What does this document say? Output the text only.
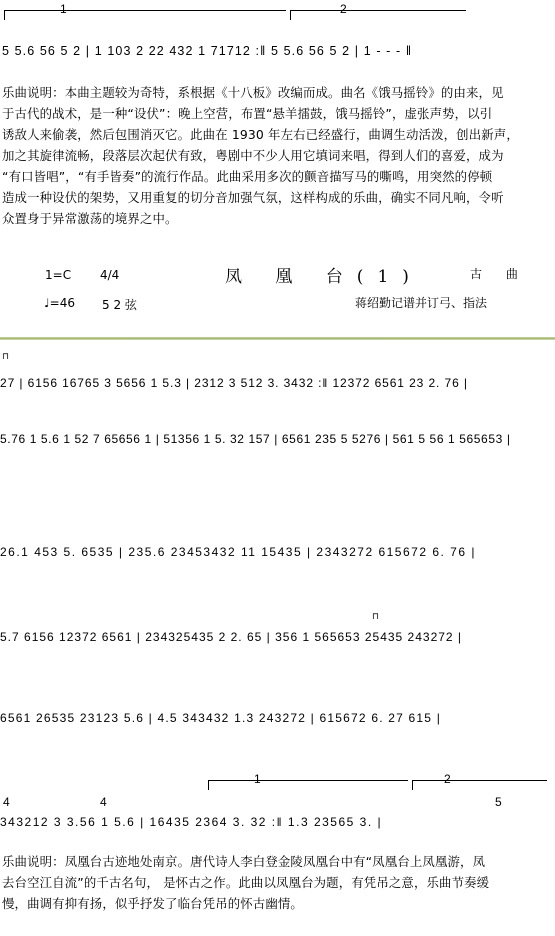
1	2
5 5.6 56 5 2 | 1 103 2 22 432 1 71712 :‖ 5 5.6 56 5 2 | 1 - - - ‖
乐曲说明：本曲主题较为奇特，系根据《十八板》改编而成。曲名《饿马摇铃》的由来，见
于古代的战术，是一种“设伏”：晚上空营，布置“悬羊擂鼓，饿马摇铃”，虚张声势，以引
诱敌人来偷袭，然后包围消灭它。此曲在 1930 年左右已经盛行，曲调生动活泼，创出新声，
加之其旋律流畅，段落层次起伏有致，粤剧中不少人用它填词来唱，得到人们的喜爱，成为
“有口皆唱”，“有手皆奏”的流行作品。此曲采用多次的颤音描写马的嘶鸣，用突然的停顿
造成一种设伏的架势，又用重复的切分音加强气氛，这样构成的乐曲，确实不同凡响，令听
众置身于异常激荡的境界之中。
凤 凰 台(1)	古 曲
1=C 4/4
♩=46 5 2 弦	蒋绍勤记谱并订弓、指法
27 | 6156 16765 3 5656 1 5.3 | 2312 3 512 3. 3432 :‖ 12372 6561 23 2. 76 |
5.76 1 5.6 1 52 7 65656 1 | 51356 1 5. 32 157 | 6561 235 5 5276 | 561 5 56 1 565653 |
26.1 453 5. 6535 | 235.6 23453432 11 15435 | 2343272 615672 6. 76 |
5.7 6156 12372 6561 | 234325435 2 2. 65 | 356 1 565653 25435 243272 |
6561 26535 23123 5.6 | 4.5 343432 1.3 243272 | 615672 6. 27 615 |
343212 3 3.56 1 5.6 | 16435 2364 3. 32 :‖ 1.3 23565 3. |
⊓
⊓
1	2
4	4	5
乐曲说明：凤凰台古迹地处南京。唐代诗人李白登金陵凤凰台中有“凤凰台上凤凰游，凤
去台空江自流”的千古名句， 是怀古之作。此曲以凤凰台为题，有凭吊之意，乐曲节奏缓
慢，曲调有抑有扬，似乎抒发了临台凭吊的怀古幽情。
